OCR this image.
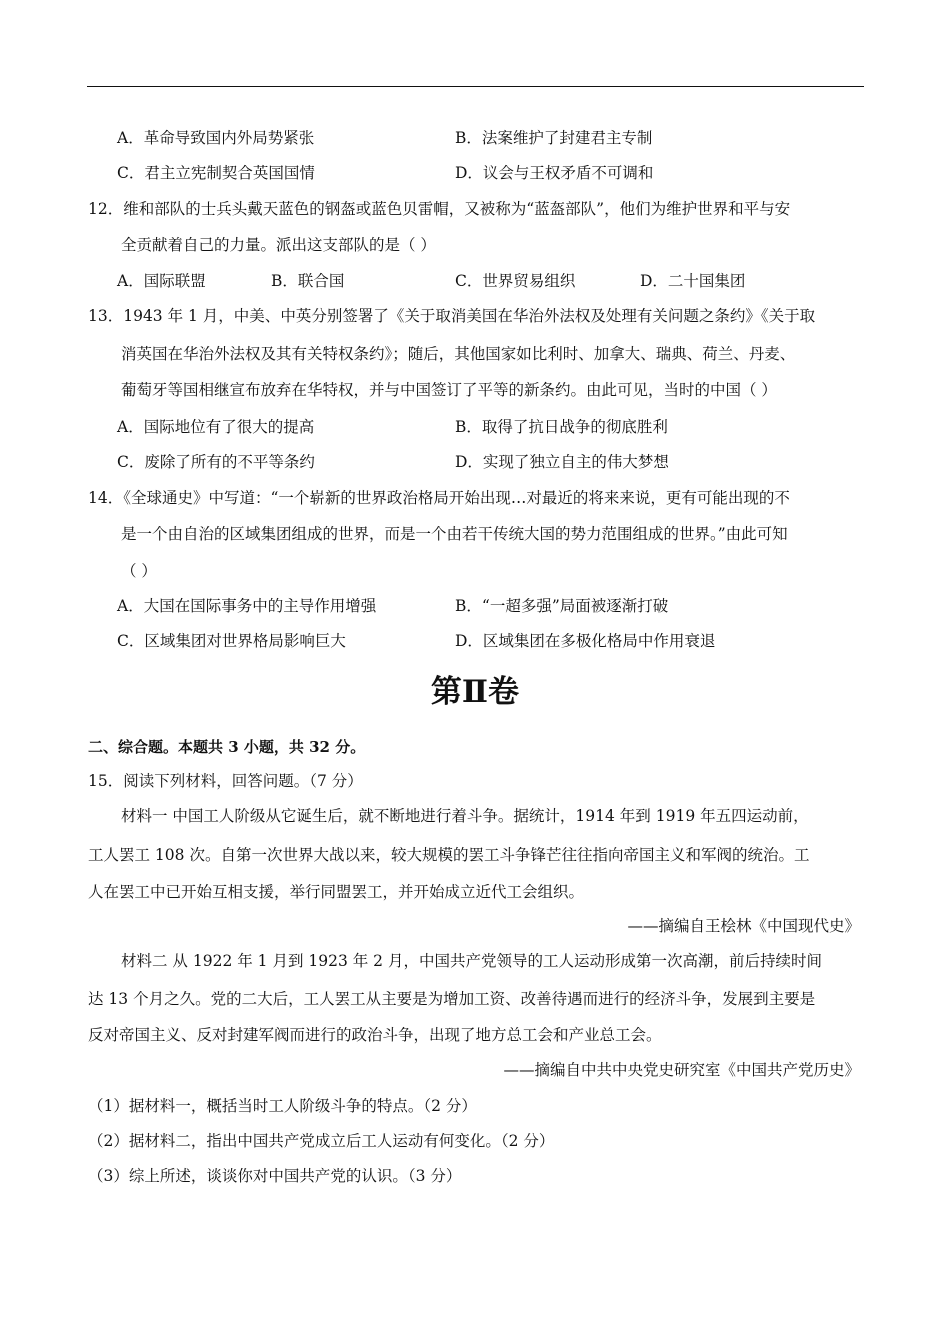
A．革命导致国内外局势紧张	B．法案维护了封建君主专制
C．君主立宪制契合英国国情	D．议会与王权矛盾不可调和
12．维和部队的士兵头戴天蓝色的钢盔或蓝色贝雷帽，又被称为“蓝盔部队”，他们为维护世界和平与安
全贡献着自己的力量。派出这支部队的是（ ）
A．国际联盟	B．联合国	C．世界贸易组织	D．二十国集团
13．1943 年 1 月，中美、中英分别签署了《关于取消美国在华治外法权及处理有关问题之条约》《关于取
消英国在华治外法权及其有关特权条约》；随后，其他国家如比利时、加拿大、瑞典、荷兰、丹麦、
葡萄牙等国相继宣布放弃在华特权，并与中国签订了平等的新条约。由此可见，当时的中国（ ）
A．国际地位有了很大的提高	B．取得了抗日战争的彻底胜利
C．废除了所有的不平等条约	D．实现了独立自主的伟大梦想
14．《全球通史》中写道：“一个崭新的世界政治格局开始出现…对最近的将来来说，更有可能出现的不
是一个由自治的区域集团组成的世界，而是一个由若干传统大国的势力范围组成的世界。”由此可知
（ ）
A．大国在国际事务中的主导作用增强	B．“一超多强”局面被逐渐打破
C．区域集团对世界格局影响巨大	D．区域集团在多极化格局中作用衰退
第Ⅱ卷
二、综合题。本题共 3 小题，共 32 分。
15．阅读下列材料，回答问题。（7 分）
材料一 中国工人阶级从它诞生后，就不断地进行着斗争。据统计，1914 年到 1919 年五四运动前，
工人罢工 108 次。自第一次世界大战以来，较大规模的罢工斗争锋芒往往指向帝国主义和军阀的统治。工
人在罢工中已开始互相支援，举行同盟罢工，并开始成立近代工会组织。
——摘编自王桧林《中国现代史》
材料二 从 1922 年 1 月到 1923 年 2 月，中国共产党领导的工人运动形成第一次高潮，前后持续时间
达 13 个月之久。党的二大后，工人罢工从主要是为增加工资、改善待遇而进行的经济斗争，发展到主要是
反对帝国主义、反对封建军阀而进行的政治斗争，出现了地方总工会和产业总工会。
——摘编自中共中央党史研究室《中国共产党历史》
（1）据材料一，概括当时工人阶级斗争的特点。（2 分）
（2）据材料二，指出中国共产党成立后工人运动有何变化。（2 分）
（3）综上所述，谈谈你对中国共产党的认识。（3 分）
